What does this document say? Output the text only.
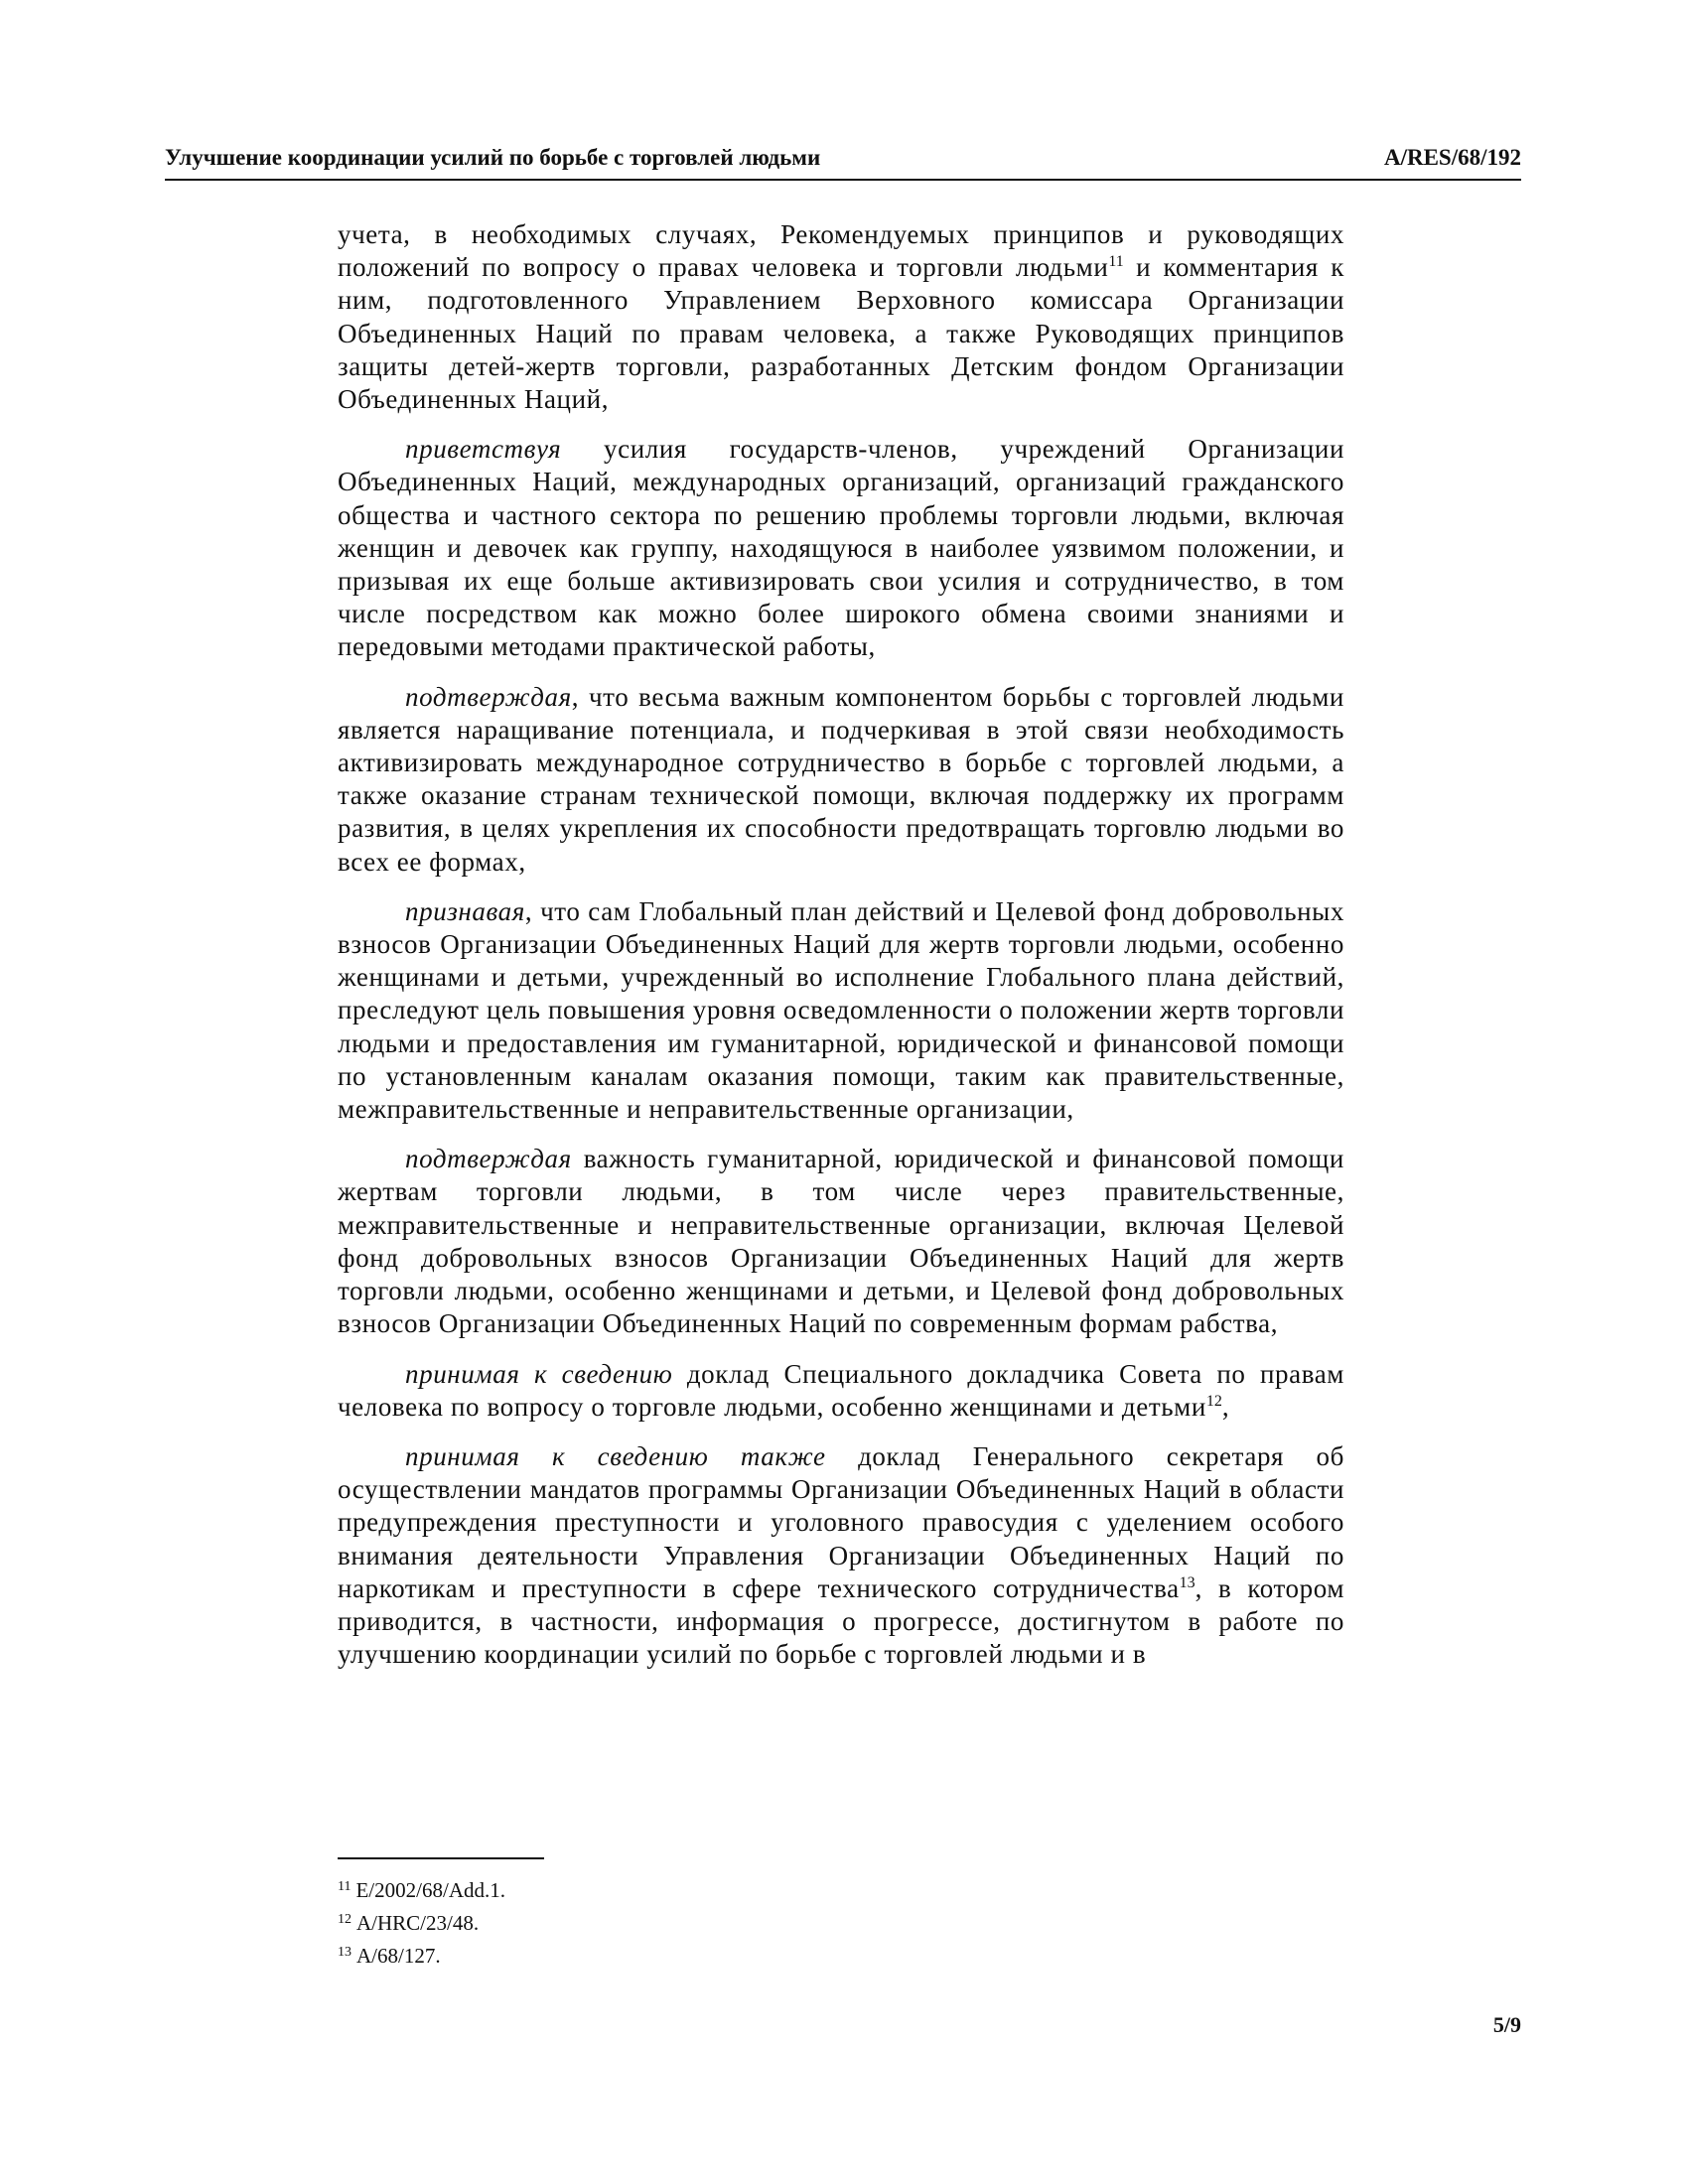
Улучшение координации усилий по борьбе с торговлей людьми	A/RES/68/192

учета, в необходимых случаях, Рекомендуемых принципов и руководящих положений по вопросу о правах человека и торговли людьми$^{11}$ и комментария к ним, подготовленного Управлением Верховного комиссара Организации Объединенных Наций по правам человека, а также Руководящих принципов защиты детей-жертв торговли, разработанных Детским фондом Организации Объединенных Наций,

приветствуя усилия государств-членов, учреждений Организации Объединенных Наций, международных организаций, организаций гражданского общества и частного сектора по решению проблемы торговли людьми, включая женщин и девочек как группу, находящуюся в наиболее уязвимом положении, и призывая их еще больше активизировать свои усилия и сотрудничество, в том числе посредством как можно более широкого обмена своими знаниями и передовыми методами практической работы,

подтверждая, что весьма важным компонентом борьбы с торговлей людьми является наращивание потенциала, и подчеркивая в этой связи необходимость активизировать международное сотрудничество в борьбе с торговлей людьми, а также оказание странам технической помощи, включая поддержку их программ развития, в целях укрепления их способности предотвращать торговлю людьми во всех ее формах,

признавая, что сам Глобальный план действий и Целевой фонд добровольных взносов Организации Объединенных Наций для жертв торговли людьми, особенно женщинами и детьми, учрежденный во исполнение Глобального плана действий, преследуют цель повышения уровня осведомленности о положении жертв торговли людьми и предоставления им гуманитарной, юридической и финансовой помощи по установленным каналам оказания помощи, таким как правительственные, межправительственные и неправительственные организации,

подтверждая важность гуманитарной, юридической и финансовой помощи жертвам торговли людьми, в том числе через правительственные, межправительственные и неправительственные организации, включая Целевой фонд добровольных взносов Организации Объединенных Наций для жертв торговли людьми, особенно женщинами и детьми, и Целевой фонд добровольных взносов Организации Объединенных Наций по современным формам рабства,

принимая к сведению доклад Специального докладчика Совета по правам человека по вопросу о торговле людьми, особенно женщинами и детьми$^{12}$,

принимая к сведению также доклад Генерального секретаря об осуществлении мандатов программы Организации Объединенных Наций в области предупреждения преступности и уголовного правосудия с уделением особого внимания деятельности Управления Организации Объединенных Наций по наркотикам и преступности в сфере технического сотрудничества$^{13}$, в котором приводится, в частности, информация о прогрессе, достигнутом в работе по улучшению координации усилий по борьбе с торговлей людьми и в

$^{11}$ E/2002/68/Add.1.
$^{12}$ A/HRC/23/48.
$^{13}$ A/68/127.
5/9
